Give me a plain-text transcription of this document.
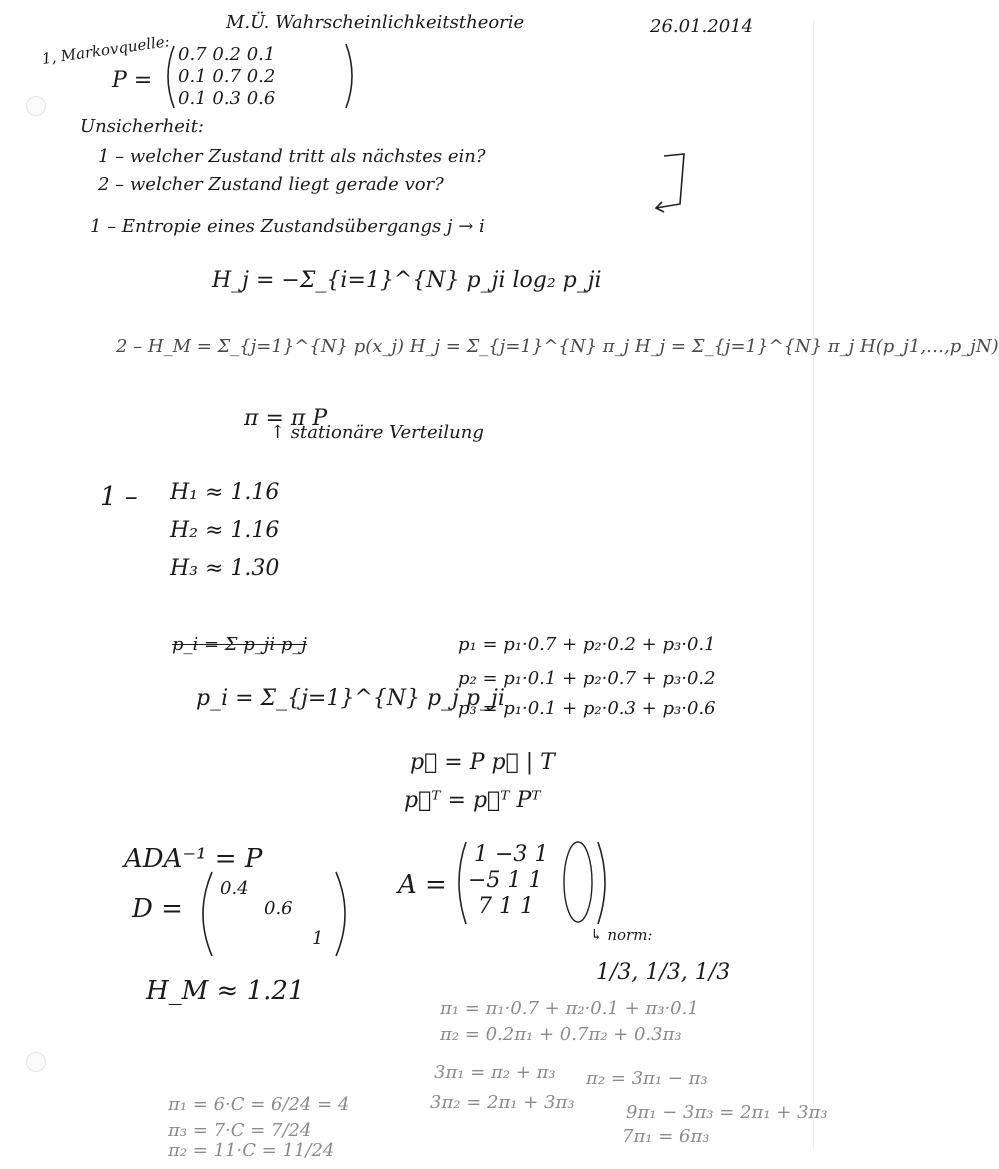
M.Ü. Wahrscheinlichkeitstheorie	26.01.2014
1, Markovquelle:
P =
0.7 0.2 0.1
0.1 0.7 0.2
0.1 0.3 0.6
Unsicherheit:
1 – welcher Zustand tritt als nächstes ein?
2 – welcher Zustand liegt gerade vor?
1 – Entropie eines Zustandsübergangs j → i
H_j = −Σ_{i=1}^{N} p_ji log₂ p_ji
2 – H_M = Σ_{j=1}^{N} p(x_j) H_j = Σ_{j=1}^{N} π_j H_j = Σ_{j=1}^{N} π_j H(p_j1,…,p_jN)
π = π P
↑ stationäre Verteilung
1 – H₁ ≈ 1.16
H₂ ≈ 1.16
H₃ ≈ 1.30
p_i = Σ p_ji p_j
p_i = Σ_{j=1}^{N} p_j p_ji
p₁ = p₁·0.7 + p₂·0.2 + p₃·0.1
p₂ = p₁·0.1 + p₂·0.7 + p₃·0.2
p₃ = p₁·0.1 + p₂·0.3 + p₃·0.6
p⃗ = P p⃗ | T
p⃗ᵀ = p⃗ᵀ Pᵀ
ADA⁻¹ = P
D =
0.4
0.6
1
A =
1 −3 1
−5 1 1
7 1 1
↳ norm:
1/3, 1/3, 1/3
H_M ≈ 1.21
π₁ = π₁·0.7 + π₂·0.1 + π₃·0.1
π₂ = 0.2π₁ + 0.7π₂ + 0.3π₃
3π₁ = π₂ + π₃ π₂ = 3π₁ − π₃
3π₂ = 2π₁ + 3π₃	9π₁ − 3π₃ = 2π₁ + 3π₃
7π₁ = 6π₃
π₁ = 6·C = 6/24 = 4
π₃ = 7·C = 7/24
π₂ = 11·C = 11/24
